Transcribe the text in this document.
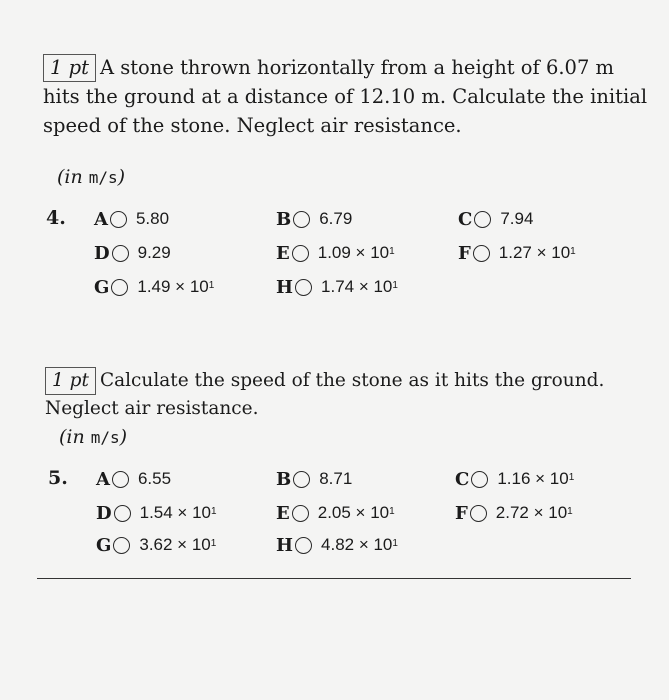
1 pt A stone thrown horizontally from a height of 6.07 m hits the ground at a distance of 12.10 m. Calculate the initial speed of the stone. Neglect air resistance.
(in m/s)
4. A 5.80	B 6.79	C 7.94
D 9.29	E $1.09 \times 10^1$	F $1.27 \times 10^1$
G $1.49 \times 10^1$	H $1.74 \times 10^1$
1 pt Calculate the speed of the stone as it hits the ground. Neglect air resistance.
(in m/s)
5. A 6.55	B 8.71	C $1.16 \times 10^1$
D $1.54 \times 10^1$	E $2.05 \times 10^1$	F $2.72 \times 10^1$
G $3.62 \times 10^1$	H $4.82 \times 10^1$
